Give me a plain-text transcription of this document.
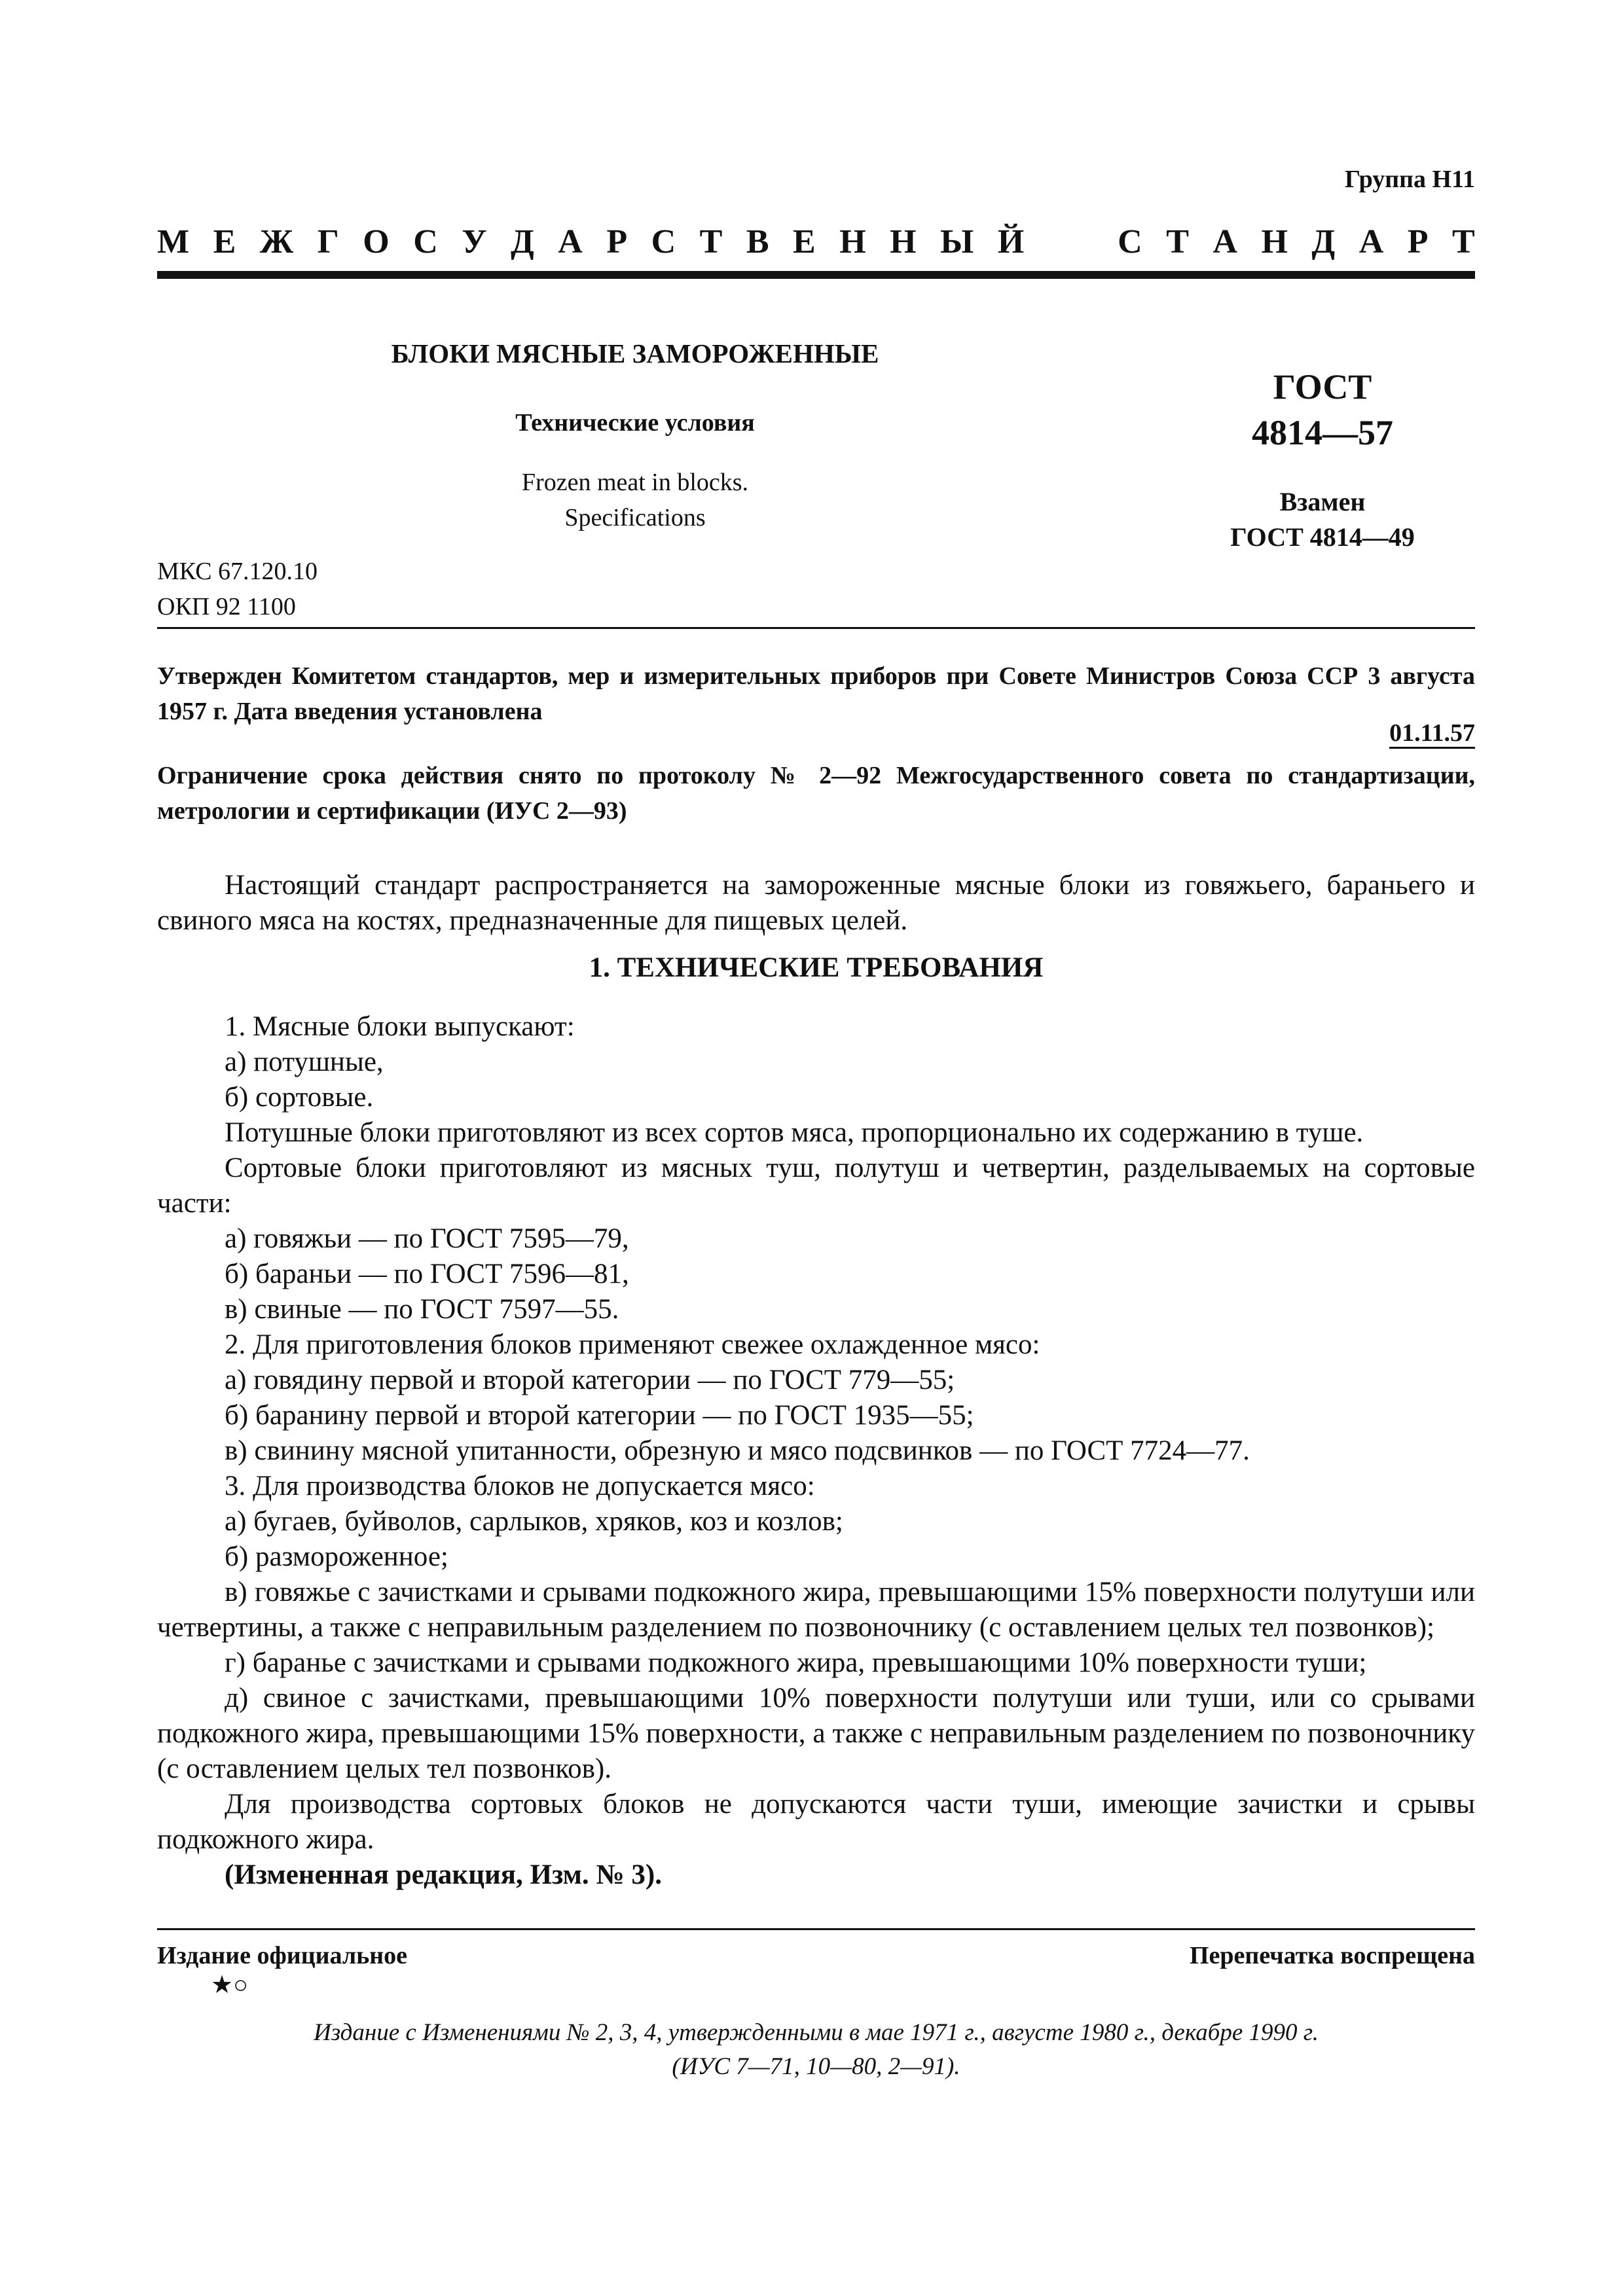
Группа Н11
М Е Ж Г О С У Д А Р С Т В Е Н Н Ы Й	С Т А Н Д А Р Т
БЛОКИ МЯСНЫЕ ЗАМОРОЖЕННЫЕ
Технические условия
Frozen meat in blocks.
Specifications
ГОСТ
4814—57
Взамен
ГОСТ 4814—49
МКС 67.120.10
ОКП 92 1100
Утвержден Комитетом стандартов, мер и измерительных приборов при Совете Министров Союза ССР 3 августа 1957 г. Дата введения установлена
01.11.57
Ограничение срока действия снято по протоколу № 2—92 Межгосударственного совета по стандартизации, метрологии и сертификации (ИУС 2—93)

Настоящий стандарт распространяется на замороженные мясные блоки из говяжьего, бараньего и свиного мяса на костях, предназначенные для пищевых целей.

1. ТЕХНИЧЕСКИЕ ТРЕБОВАНИЯ

1. Мясные блоки выпускают:

а) потушные,

б) сортовые.

Потушные блоки приготовляют из всех сортов мяса, пропорционально их содержанию в туше.

Сортовые блоки приготовляют из мясных туш, полутуш и четвертин, разделываемых на сортовые части:

а) говяжьи — по ГОСТ 7595—79,

б) бараньи — по ГОСТ 7596—81,

в) свиные — по ГОСТ 7597—55.

2. Для приготовления блоков применяют свежее охлажденное мясо:

а) говядину первой и второй категории — по ГОСТ 779—55;

б) баранину первой и второй категории — по ГОСТ 1935—55;

в) свинину мясной упитанности, обрезную и мясо подсвинков — по ГОСТ 7724—77.

3. Для производства блоков не допускается мясо:

а) бугаев, буйволов, сарлыков, хряков, коз и козлов;

б) размороженное;

в) говяжье с зачистками и срывами подкожного жира, превышающими 15% поверхности полутуши или четвертины, а также с неправильным разделением по позвоночнику (с оставлением целых тел позвонков);

г) баранье с зачистками и срывами подкожного жира, превышающими 10% поверхности туши;

д) свиное с зачистками, превышающими 10% поверхности полутуши или туши, или со срывами подкожного жира, превышающими 15% поверхности, а также с неправильным разделением по позвоночнику (с оставлением целых тел позвонков).

Для производства сортовых блоков не допускаются части туши, имеющие зачистки и срывы подкожного жира.

(Измененная редакция, Изм. № 3).

Издание официальное	Перепечатка воспрещена
★○
Издание с Изменениями № 2, 3, 4, утвержденными в мае 1971 г., августе 1980 г., декабре 1990 г.
(ИУС 7—71, 10—80, 2—91).
